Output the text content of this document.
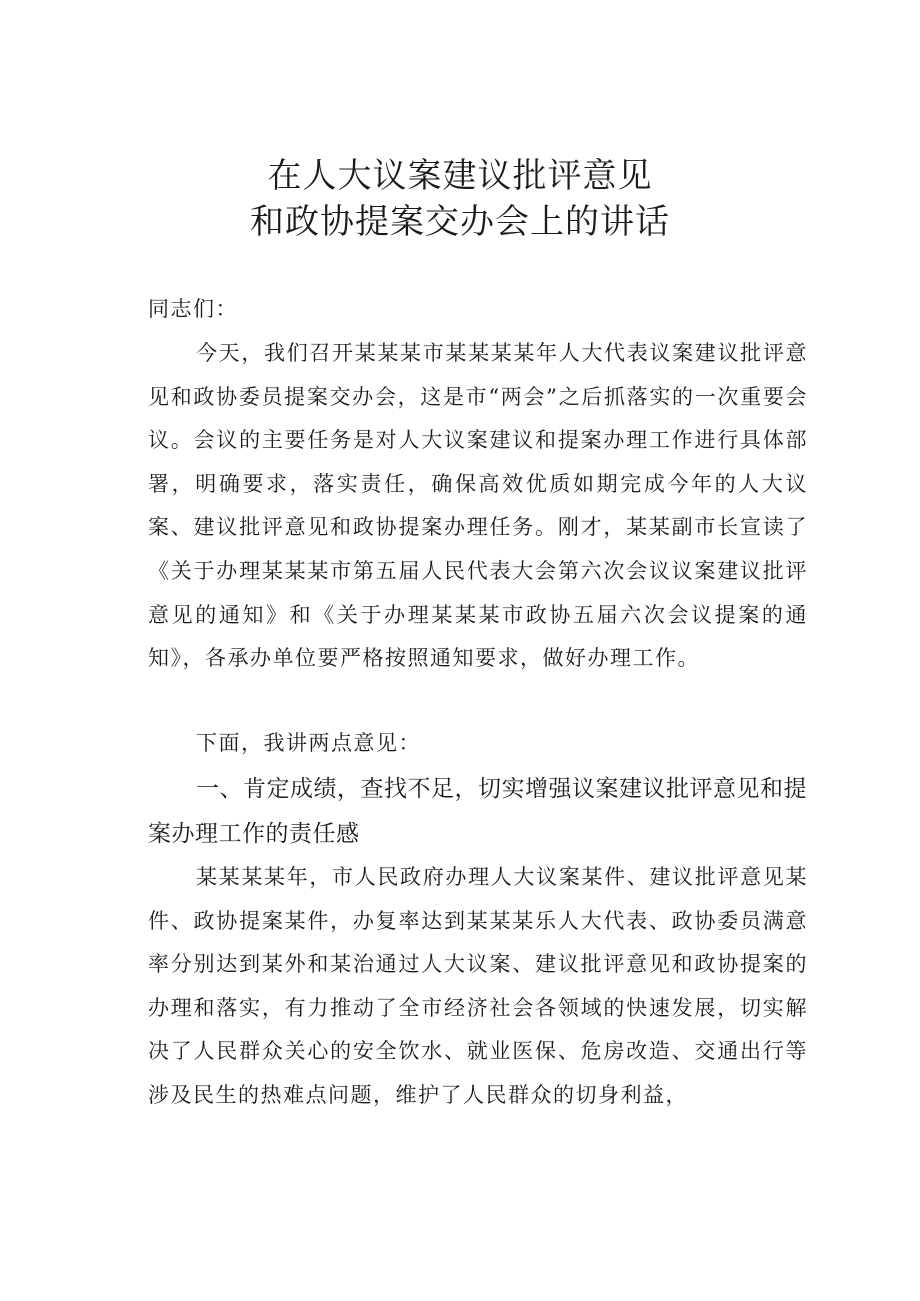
在人大议案建议批评意见
和政协提案交办会上的讲话

同志们：

今天，我们召开某某某市某某某某年人大代表议案建议批评意见和政协委员提案交办会，这是市“两会”之后抓落实的一次重要会议。会议的主要任务是对人大议案建议和提案办理工作进行具体部署，明确要求，落实责任，确保高效优质如期完成今年的人大议案、建议批评意见和政协提案办理任务。刚才，某某副市长宣读了《关于办理某某某市第五届人民代表大会第六次会议议案建议批评意见的通知》和《关于办理某某某市政协五届六次会议提案的通知》，各承办单位要严格按照通知要求，做好办理工作。

下面，我讲两点意见：

一、肯定成绩，查找不足，切实增强议案建议批评意见和提案办理工作的责任感

某某某某年，市人民政府办理人大议案某件、建议批评意见某件、政协提案某件，办复率达到某某某乐人大代表、政协委员满意率分别达到某外和某治通过人大议案、建议批评意见和政协提案的办理和落实，有力推动了全市经济社会各领域的快速发展，切实解决了人民群众关心的安全饮水、就业医保、危房改造、交通出行等涉及民生的热难点问题，维护了人民群众的切身利益，
